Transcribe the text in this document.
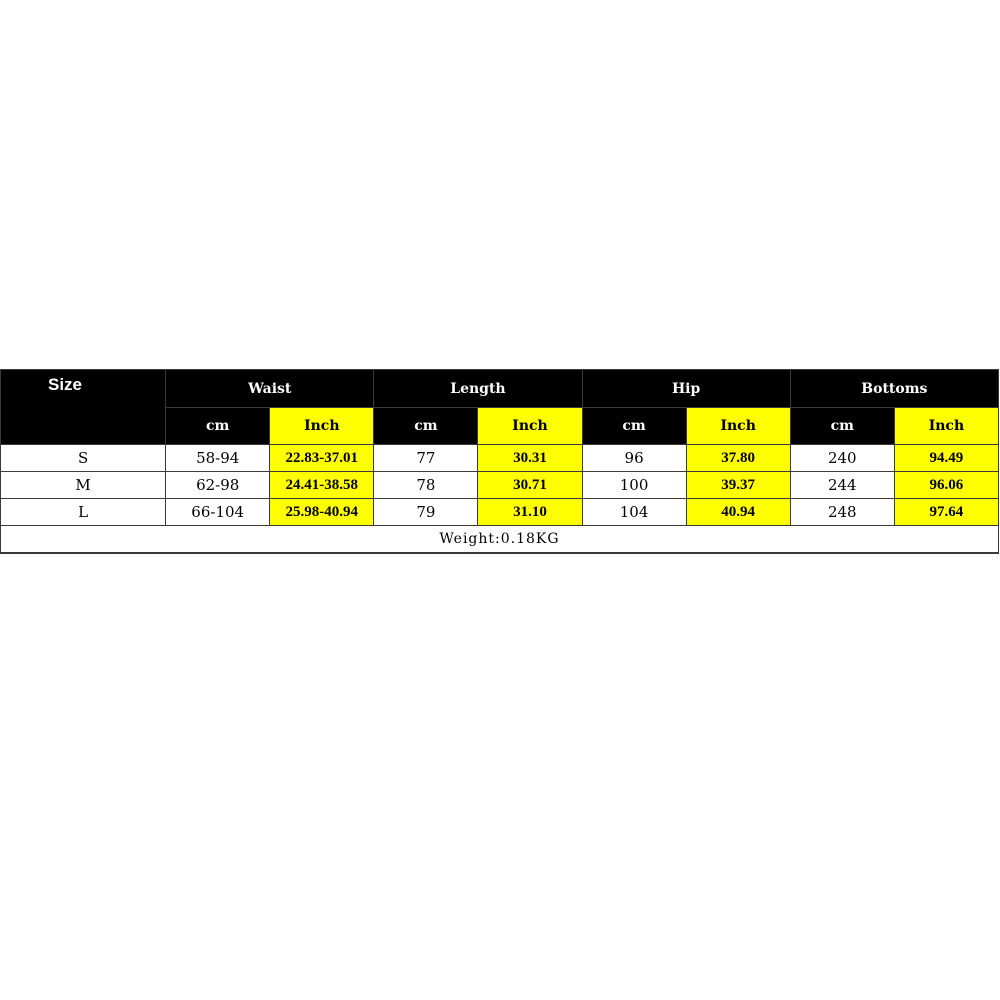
Size	Waist		Length		Hip		Bottoms	
	cm	Inch	cm	Inch	cm	Inch	cm	Inch
S	58-94	22.83-37.01	77	30.31	96	37.80	240	94.49
M	62-98	24.41-38.58	78	30.71	100	39.37	244	96.06
L	66-104	25.98-40.94	79	31.10	104	40.94	248	97.64
Weight:0.18KG								
